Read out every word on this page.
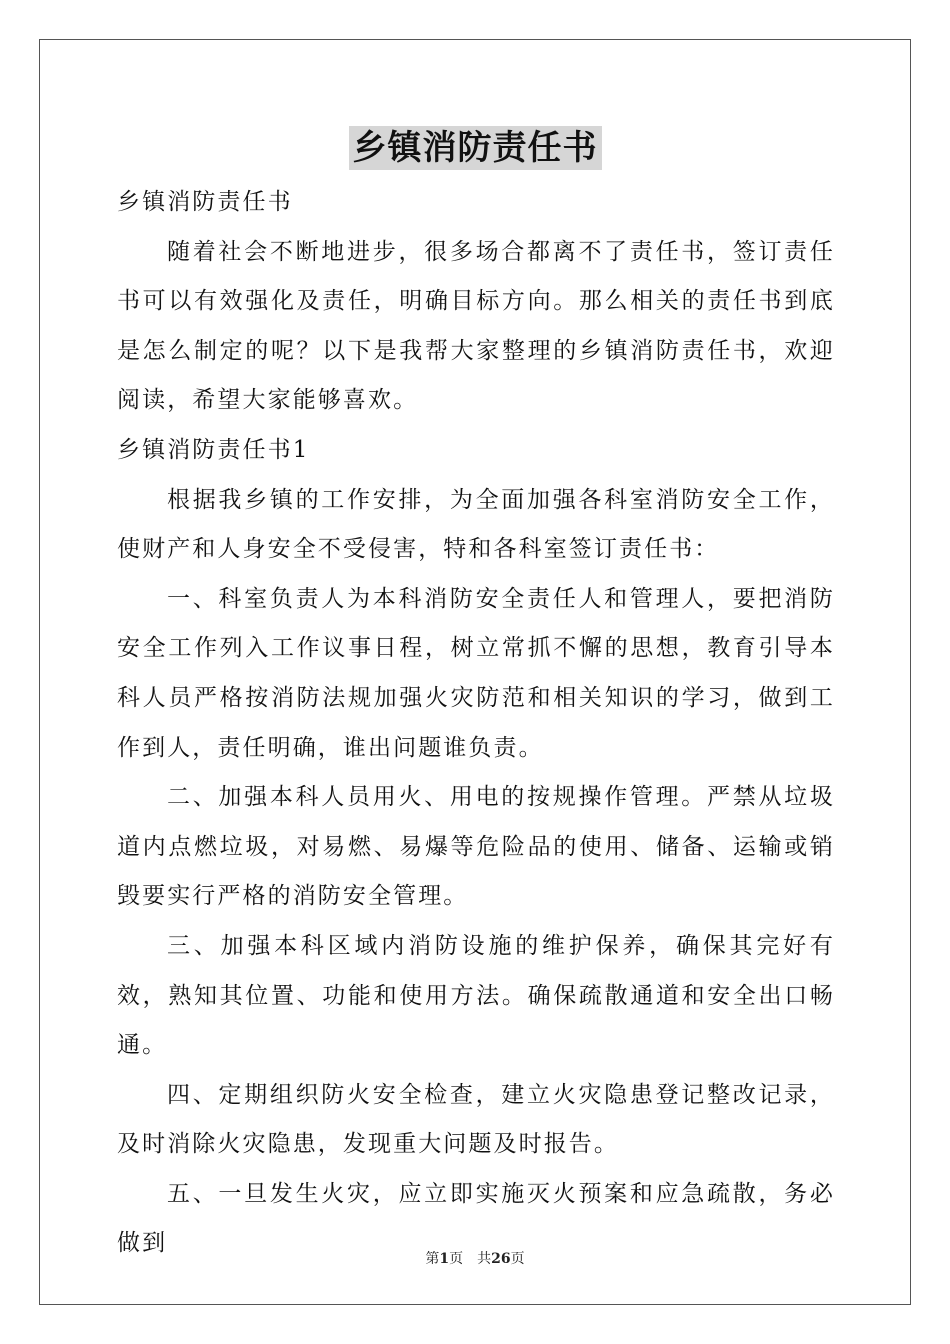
乡镇消防责任书

乡镇消防责任书

随着社会不断地进步，很多场合都离不了责任书，签订责任书可以有效强化及责任，明确目标方向。那么相关的责任书到底是怎么制定的呢？以下是我帮大家整理的乡镇消防责任书，欢迎阅读，希望大家能够喜欢。

乡镇消防责任书1

根据我乡镇的工作安排，为全面加强各科室消防安全工作，使财产和人身安全不受侵害，特和各科室签订责任书：

一、科室负责人为本科消防安全责任人和管理人，要把消防安全工作列入工作议事日程，树立常抓不懈的思想，教育引导本科人员严格按消防法规加强火灾防范和相关知识的学习，做到工作到人，责任明确，谁出问题谁负责。

二、加强本科人员用火、用电的按规操作管理。严禁从垃圾道内点燃垃圾，对易燃、易爆等危险品的使用、储备、运输或销毁要实行严格的消防安全管理。

三、加强本科区域内消防设施的维护保养，确保其完好有效，熟知其位置、功能和使用方法。确保疏散通道和安全出口畅通。

四、定期组织防火安全检查，建立火灾隐患登记整改记录，及时消除火灾隐患，发现重大问题及时报告。

五、一旦发生火灾，应立即实施灭火预案和应急疏散，务必做到

第1页　共26页
